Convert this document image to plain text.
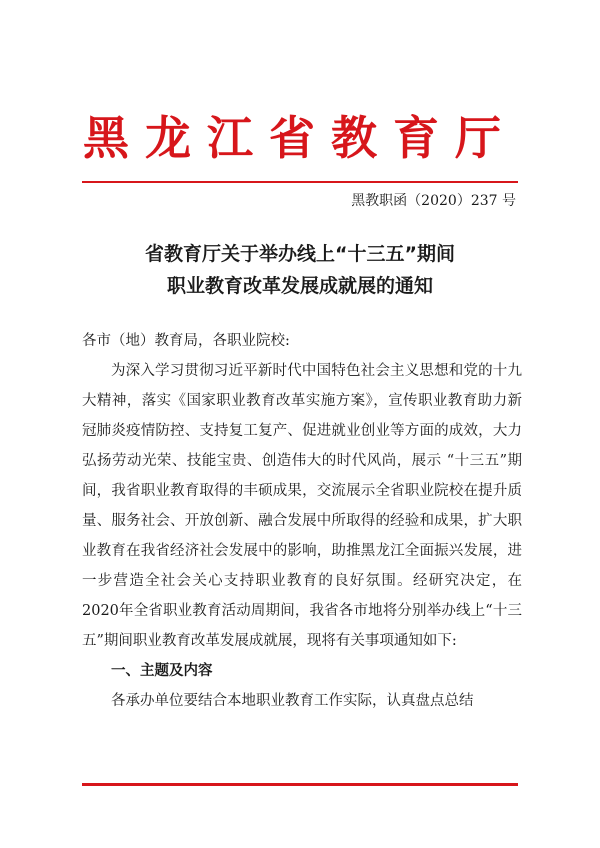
黑龙江省教育厅
黑教职函（2020）237 号
省教育厅关于举办线上“十三五”期间
职业教育改革发展成就展的通知
各市（地）教育局，各职业院校:

为深入学习贯彻习近平新时代中国特色社会主义思想和党的十九大精神，落实《国家职业教育改革实施方案》，宣传职业教育助力新冠肺炎疫情防控、支持复工复产、促进就业创业等方面的成效，大力弘扬劳动光荣、技能宝贵、创造伟大的时代风尚，展示 “十三五”期间，我省职业教育取得的丰硕成果，交流展示全省职业院校在提升质量、服务社会、开放创新、融合发展中所取得的经验和成果，扩大职业教育在我省经济社会发展中的影响，助推黑龙江全面振兴发展，进一步营造全社会关心支持职业教育的良好氛围。经研究决定，在2020年全省职业教育活动周期间，我省各市地将分别举办线上“十三五”期间职业教育改革发展成就展，现将有关事项通知如下:

一、主题及内容
各承办单位要结合本地职业教育工作实际，认真盘点总结
